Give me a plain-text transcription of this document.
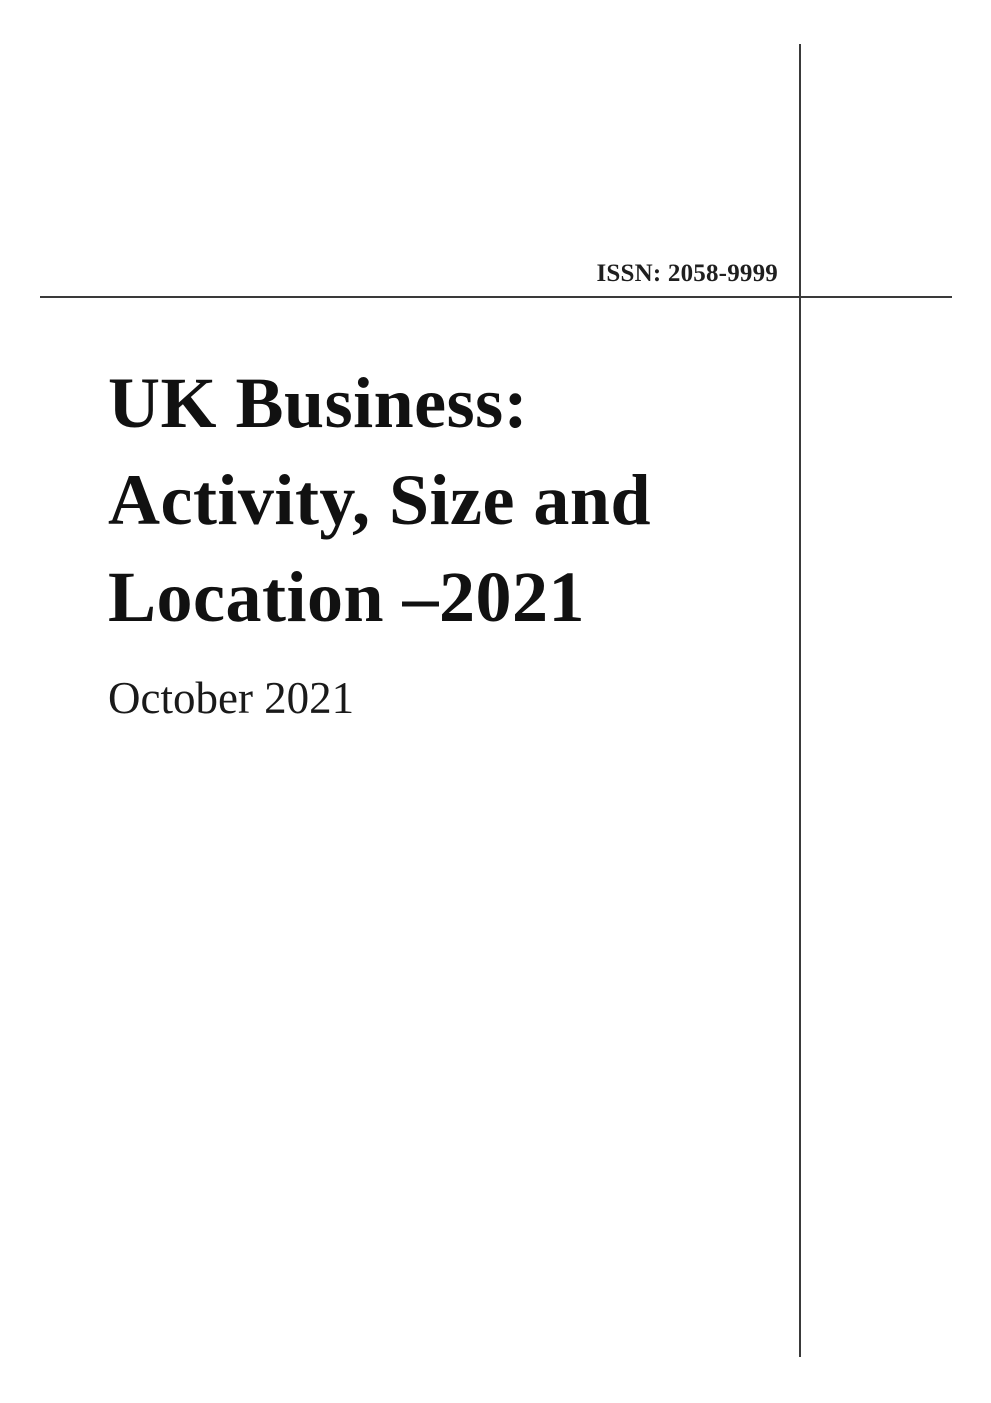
ISSN: 2058-9999
UK Business:
Activity, Size and
Location –2021

October 2021
